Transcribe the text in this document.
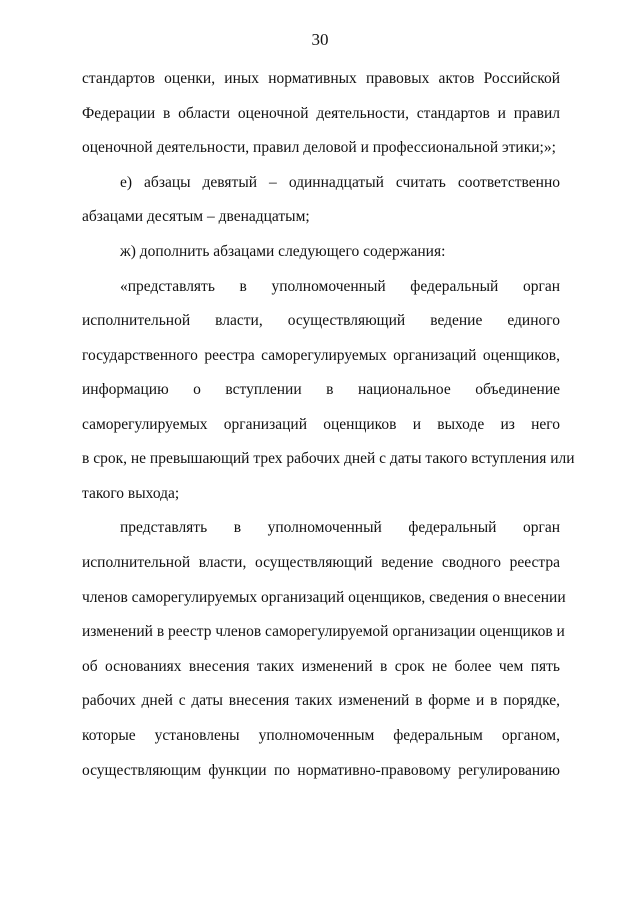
30
стандартов оценки, иных нормативных правовых актов Российской
Федерации в области оценочной деятельности, стандартов и правил
оценочной деятельности, правил деловой и профессиональной этики;»;
е) абзацы девятый – одиннадцатый считать соответственно
абзацами десятым – двенадцатым;
ж) дополнить абзацами следующего содержания:
«представлять в уполномоченный федеральный орган
исполнительной власти, осуществляющий ведение единого
государственного реестра саморегулируемых организаций оценщиков,
информацию о вступлении в национальное объединение
саморегулируемых организаций оценщиков и выходе из него
в срок, не превышающий трех рабочих дней с даты такого вступления или
такого выхода;
представлять в уполномоченный федеральный орган
исполнительной власти, осуществляющий ведение сводного реестра
членов саморегулируемых организаций оценщиков, сведения о внесении
изменений в реестр членов саморегулируемой организации оценщиков и
об основаниях внесения таких изменений в срок не более чем пять
рабочих дней с даты внесения таких изменений в форме и в порядке,
которые установлены уполномоченным федеральным органом,
осуществляющим функции по нормативно-правовому регулированию
